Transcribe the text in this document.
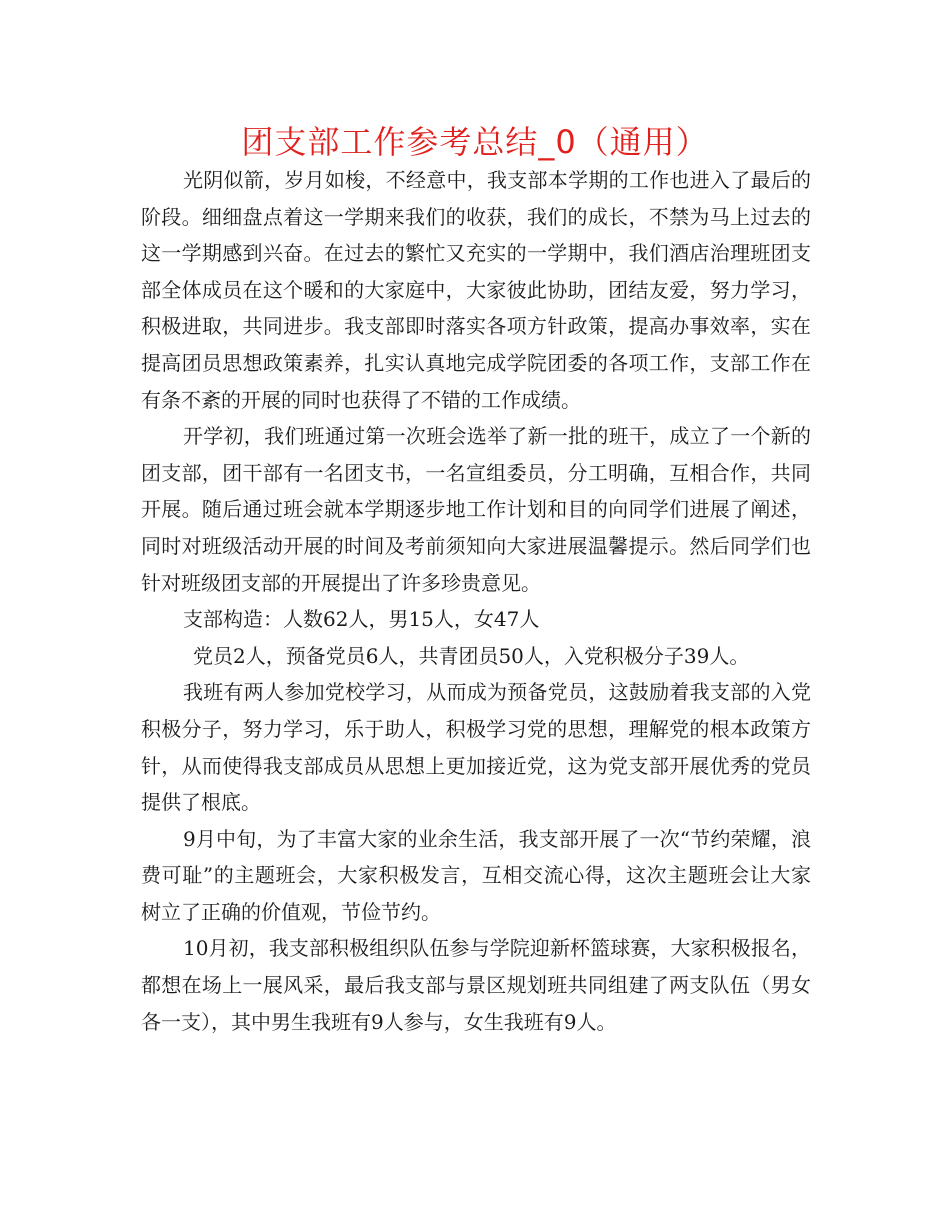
团支部工作参考总结_0（通用）

光阴似箭，岁月如梭，不经意中，我支部本学期的工作也进入了最后的阶段。细细盘点着这一学期来我们的收获，我们的成长，不禁为马上过去的这一学期感到兴奋。在过去的繁忙又充实的一学期中，我们酒店治理班团支部全体成员在这个暖和的大家庭中，大家彼此协助，团结友爱，努力学习，积极进取，共同进步。我支部即时落实各项方针政策，提高办事效率，实在提高团员思想政策素养，扎实认真地完成学院团委的各项工作，支部工作在有条不紊的开展的同时也获得了不错的工作成绩。

开学初，我们班通过第一次班会选举了新一批的班干，成立了一个新的团支部，团干部有一名团支书，一名宣组委员，分工明确，互相合作，共同开展。随后通过班会就本学期逐步地工作计划和目的向同学们进展了阐述，同时对班级活动开展的时间及考前须知向大家进展温馨提示。然后同学们也针对班级团支部的开展提出了许多珍贵意见。

支部构造：人数62人，男15人，女47人

党员2人，预备党员6人，共青团员50人，入党积极分子39人。

我班有两人参加党校学习，从而成为预备党员，这鼓励着我支部的入党积极分子，努力学习，乐于助人，积极学习党的思想，理解党的根本政策方针，从而使得我支部成员从思想上更加接近党，这为党支部开展优秀的党员提供了根底。

9月中旬，为了丰富大家的业余生活，我支部开展了一次“节约荣耀，浪费可耻”的主题班会，大家积极发言，互相交流心得，这次主题班会让大家树立了正确的价值观，节俭节约。

10月初，我支部积极组织队伍参与学院迎新杯篮球赛，大家积极报名，都想在场上一展风采，最后我支部与景区规划班共同组建了两支队伍（男女各一支），其中男生我班有9人参与，女生我班有9人。
